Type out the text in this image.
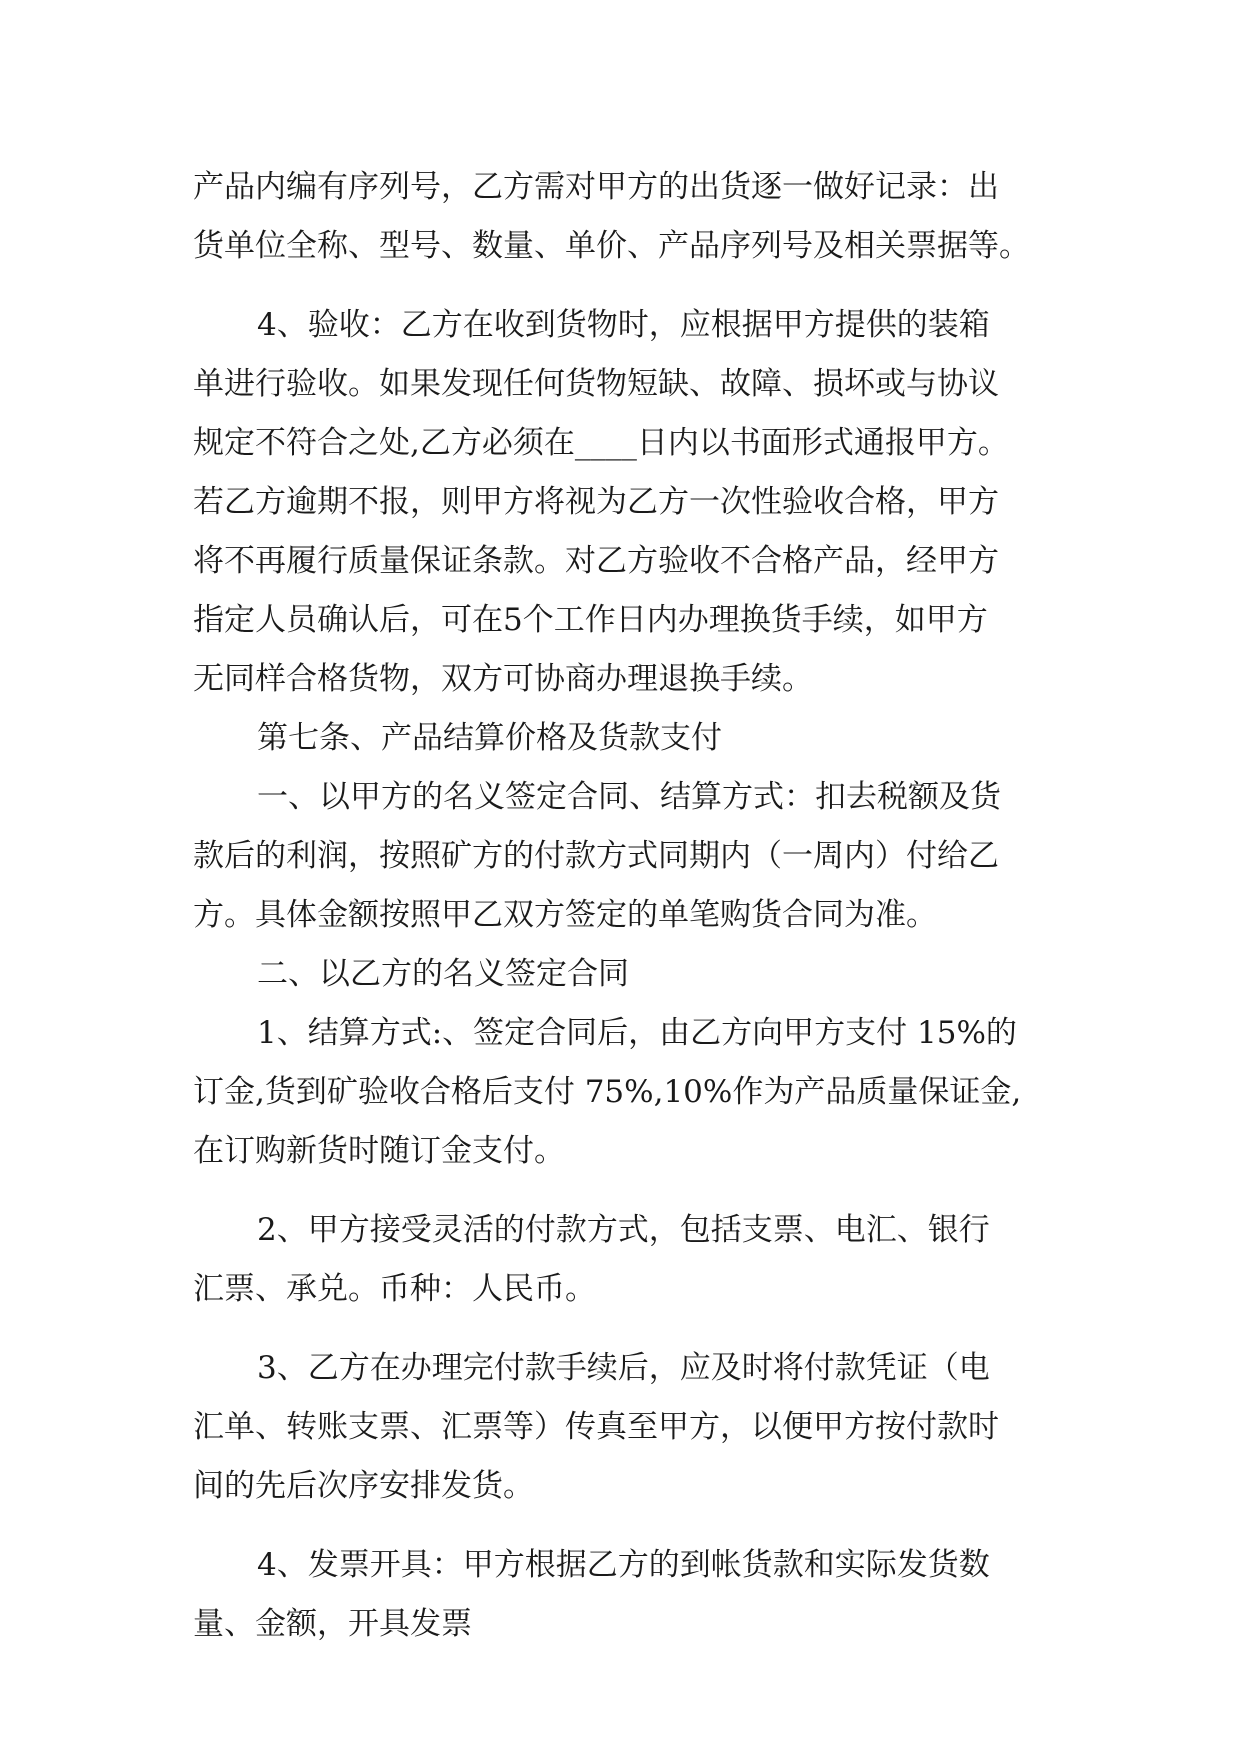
产品内编有序列号，乙方需对甲方的出货逐一做好记录：出
货单位全称、型号、数量、单价、产品序列号及相关票据等。
4、验收：乙方在收到货物时，应根据甲方提供的装箱
单进行验收。如果发现任何货物短缺、故障、损坏或与协议
规定不符合之处,乙方必须在____日内以书面形式通报甲方。
若乙方逾期不报，则甲方将视为乙方一次性验收合格，甲方
将不再履行质量保证条款。对乙方验收不合格产品，经甲方
指定人员确认后，可在5个工作日内办理换货手续，如甲方
无同样合格货物，双方可协商办理退换手续。
第七条、产品结算价格及货款支付
一、以甲方的名义签定合同、结算方式：扣去税额及货
款后的利润，按照矿方的付款方式同期内（一周内）付给乙
方。具体金额按照甲乙双方签定的单笔购货合同为准。
二、以乙方的名义签定合同
1、结算方式:、签定合同后，由乙方向甲方支付 15%的
订金,货到矿验收合格后支付 75%,10%作为产品质量保证金,
在订购新货时随订金支付。
2、甲方接受灵活的付款方式，包括支票、电汇、银行
汇票、承兑。币种：人民币。
3、乙方在办理完付款手续后，应及时将付款凭证（电
汇单、转账支票、汇票等）传真至甲方，以便甲方按付款时
间的先后次序安排发货。
4、发票开具：甲方根据乙方的到帐货款和实际发货数
量、金额，开具发票
